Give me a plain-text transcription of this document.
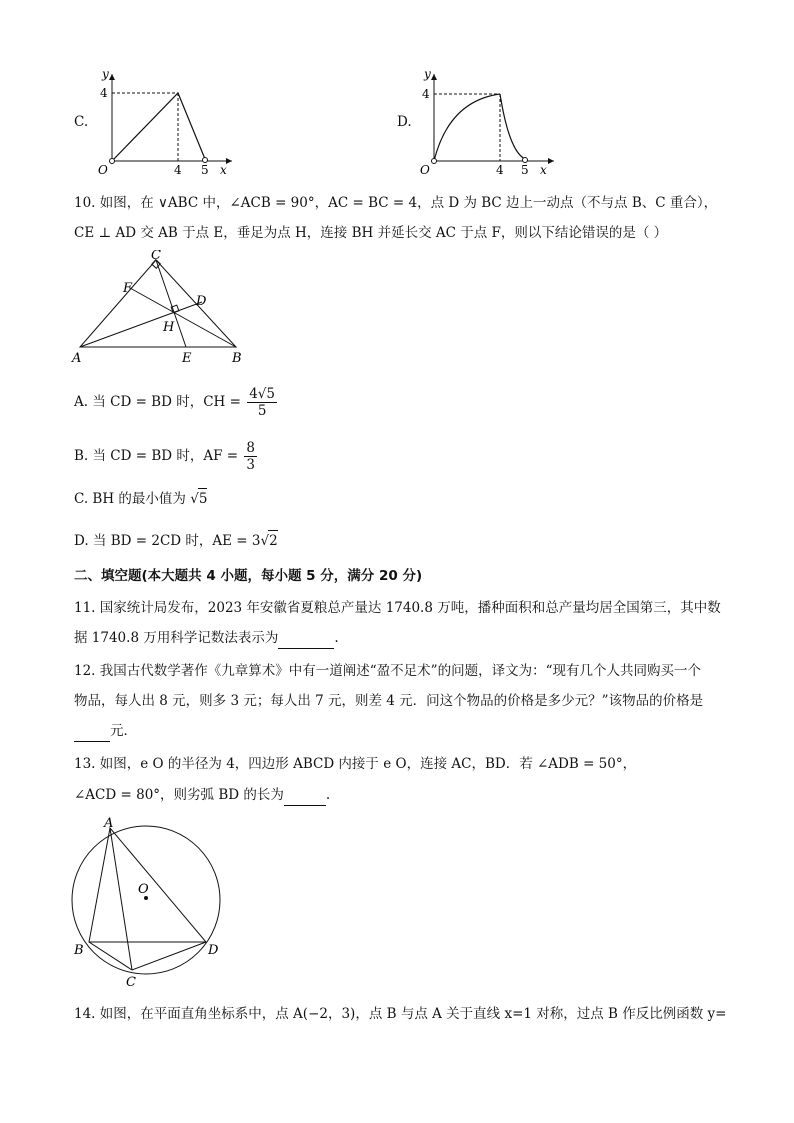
C.
y
4
O	4 5 x
D.
y
4
O	4 5 x
10. 如图，在 ∨ABC 中，∠ACB = 90°，AC = BC = 4，点 D 为 BC 边上一动点（不与点 B、C 重合），
CE ⊥ AD 交 AB 于点 E，垂足为点 H，连接 BH 并延长交 AC 于点 F，则以下结论错误的是（ ）
C
F
D
H
A	E	B
A. 当 CD = BD 时，CH = $\frac{4√5}{5}$
B. 当 CD = BD 时，AF = $\frac{8}{3}$
C. BH 的最小值为 √5
D. 当 BD = 2CD 时，AE = 3√2
二、填空题(本大题共 4 小题，每小题 5 分，满分 20 分)
11. 国家统计局发布，2023 年安徽省夏粮总产量达 1740.8 万吨，播种面积和总产量均居全国第三，其中数
据 1740.8 万用科学记数法表示为	.
12. 我国古代数学著作《九章算术》中有一道阐述“盈不足术”的问题，译文为：“现有几个人共同购买一个
物品，每人出 8 元，则多 3 元；每人出 7 元，则差 4 元．问这个物品的价格是多少元？”该物品的价格是
元．
13. 如图，e O 的半径为 4，四边形 ABCD 内接于 e O，连接 AC，BD．若 ∠ADB = 50°，
∠ACD = 80°，则劣弧 BD 的长为	.
A
O
B	D
C
14. 如图，在平面直角坐标系中，点 A(−2，3)，点 B 与点 A 关于直线 x=1 对称，过点 B 作反比例函数 y=
